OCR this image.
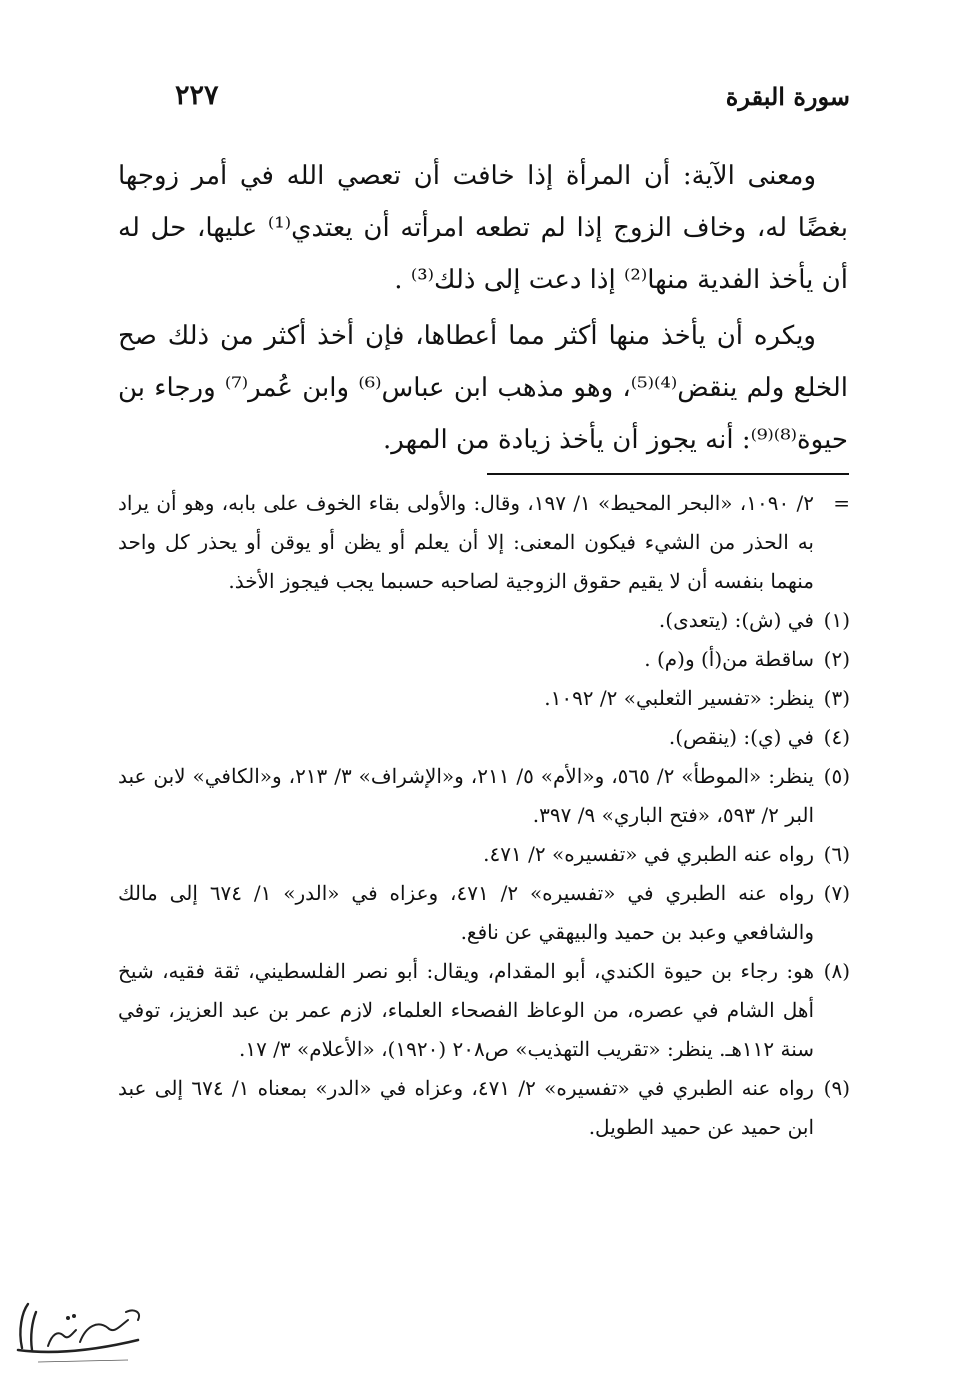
سورة البقرة
٢٢٧

ومعنى الآية: أن المرأة إذا خافت أن تعصي الله في أمر زوجها بغضًا له، وخاف الزوج إذا لم تطعه امرأته أن يعتدي⁽¹⁾ عليها، حل له أن يأخذ الفدية منها⁽²⁾ إذا دعت إلى ذلك⁽³⁾ .

ويكره أن يأخذ منها أكثر مما أعطاها، فإن أخذ أكثر من ذلك صح الخلع ولم ينقض⁽⁴⁾⁽⁵⁾، وهو مذهب ابن عباس⁽⁶⁾ وابن عُمر⁽⁷⁾ ورجاء بن حيوة⁽⁸⁾⁽⁹⁾: أنه يجوز أن يأخذ زيادة من المهر.

=
٢/ ١٠٩٠، «البحر المحيط» ١/ ١٩٧، وقال: والأولى بقاء الخوف على بابه، وهو أن يراد به الحذر من الشيء فيكون المعنى: إلا أن يعلم أو يظن أو يوقن أو يحذر كل واحد منهما بنفسه أن لا يقيم حقوق الزوجية لصاحبه حسبما يجب فيجوز الأخذ.
(١)
في (ش): (يتعدى).
(٢)
ساقطة من(أ) و(م) .
(٣)
ينظر: «تفسير الثعلبي» ٢/ ١٠٩٢.
(٤)
في (ي): (ينقص).
(٥)
ينظر: «الموطأ» ٢/ ٥٦٥، و«الأم» ٥/ ٢١١، و«الإشراف» ٣/ ٢١٣، و«الكافي» لابن عبد البر ٢/ ٥٩٣، «فتح الباري» ٩/ ٣٩٧.
(٦)
رواه عنه الطبري في «تفسيره» ٢/ ٤٧١.
(٧)
رواه عنه الطبري في «تفسيره» ٢/ ٤٧١، وعزاه في «الدر» ١/ ٦٧٤ إلى مالك والشافعي وعبد بن حميد والبيهقي عن نافع.
(٨)
هو: رجاء بن حيوة الكندي، أبو المقدام، ويقال: أبو نصر الفلسطيني، ثقة فقيه، شيخ أهل الشام في عصره، من الوعاظ الفصحاء العلماء، لازم عمر بن عبد العزيز، توفي سنة ١١٢هـ. ينظر: «تقريب التهذيب» ص٢٠٨ (١٩٢٠)، «الأعلام» ٣/ ١٧.
(٩)
رواه عنه الطبري في «تفسيره» ٢/ ٤٧١، وعزاه في «الدر» بمعناه ١/ ٦٧٤ إلى عبد ابن حميد عن حميد الطويل.
